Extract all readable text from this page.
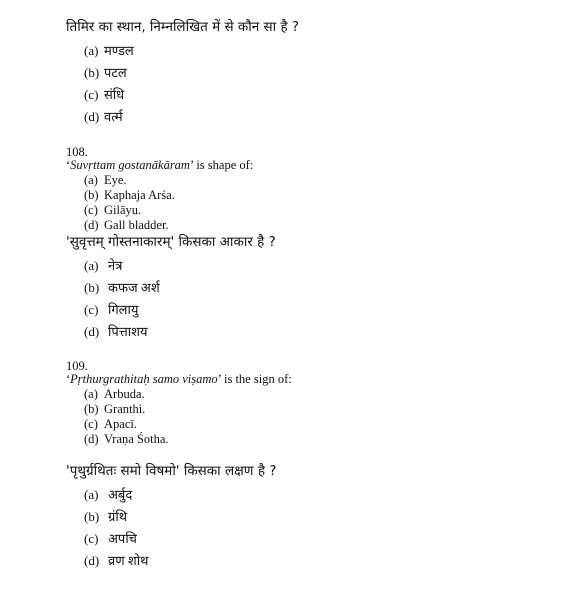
तिमिर का स्थान, निम्नलिखित में से कौन सा है ?
(a) मण्डल
(b) पटल
(c) संधि
(d) वर्त्म
108.
‘Suvṛttam gostanākāram’ is shape of:
(a) Eye.
(b) Kaphaja Arśa.
(c) Gilāyu.
(d) Gall bladder.
'सुवृत्तम् गोस्तनाकारम्' किसका आकार है ?
(a) नेत्र
(b) कफज अर्श
(c) गिलायु
(d) पित्ताशय
109.
‘Pṛthurgrathitaḥ samo viṣamo’ is the sign of:
(a) Arbuda.
(b) Granthi.
(c) Apacī.
(d) Vraṇa Śotha.
'पृथुर्ग्रथितः समो विषमो' किसका लक्षण है ?
(a) अर्बुद
(b) ग्रंथि
(c) अपचि
(d) व्रण शोथ
